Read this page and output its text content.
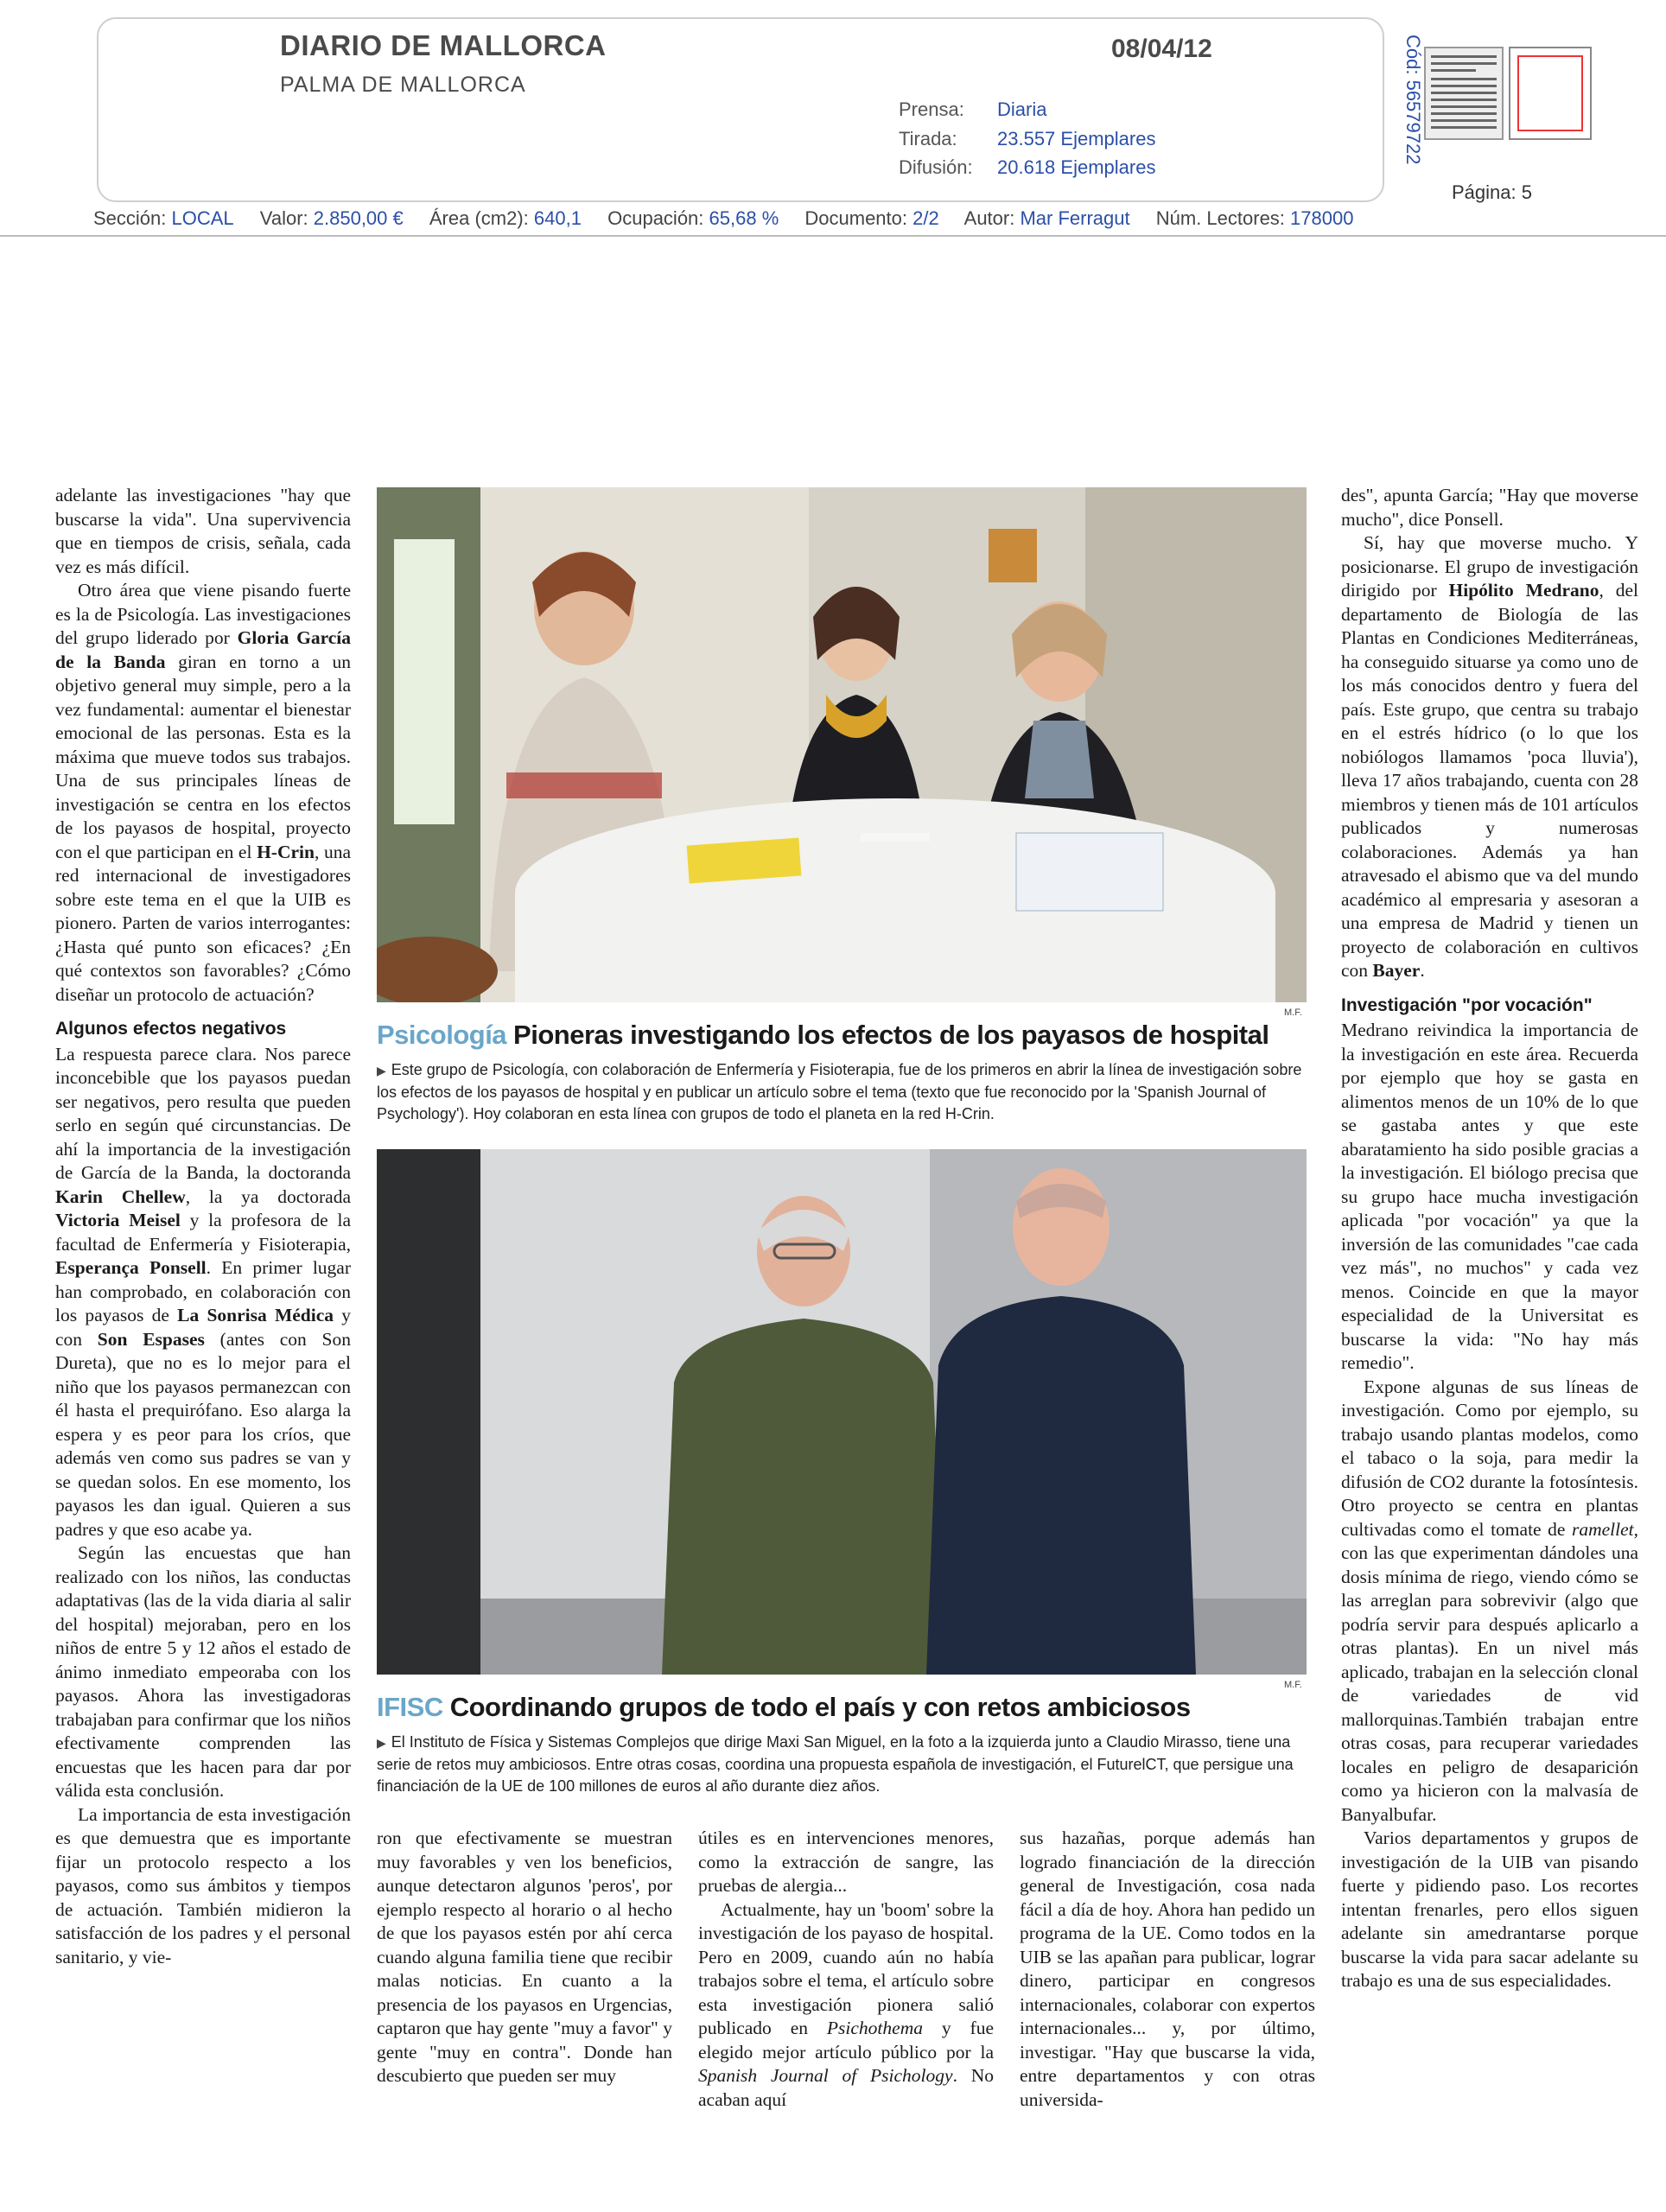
DIARIO DE MALLORCA
PALMA DE MALLORCA
08/04/12
Prensa: Diaria
Tirada: 23.557 Ejemplares
Difusión: 20.618 Ejemplares
Cód: 56579722
Página: 5
Sección: LOCAL Valor: 2.850,00 € Área (cm2): 640,1 Ocupación: 65,68 % Documento: 2/2 Autor: Mar Ferragut Núm. Lectores: 178000

adelante las investigaciones "hay que buscarse la vida". Una supervivencia que en tiempos de crisis, señala, cada vez es más difícil.

Otro área que viene pisando fuerte es la de Psicología. Las investigaciones del grupo liderado por Gloria García de la Banda giran en torno a un objetivo general muy simple, pero a la vez fundamental: aumentar el bienestar emocional de las personas. Esta es la máxima que mueve todos sus trabajos. Una de sus principales líneas de investigación se centra en los efectos de los payasos de hospital, proyecto con el que participan en el H-Crin, una red internacional de investigadores sobre este tema en el que la UIB es pionero. Parten de varios interrogantes: ¿Hasta qué punto son eficaces? ¿En qué contextos son favorables? ¿Cómo diseñar un protocolo de actuación?

Algunos efectos negativos

La respuesta parece clara. Nos parece inconcebible que los payasos puedan ser negativos, pero resulta que pueden serlo en según qué circunstancias. De ahí la importancia de la investigación de García de la Banda, la doctoranda Karin Chellew, la ya doctorada Victoria Meisel y la profesora de la facultad de Enfermería y Fisioterapia, Esperança Ponsell. En primer lugar han comprobado, en colaboración con los payasos de La Sonrisa Médica y con Son Espases (antes con Son Dureta), que no es lo mejor para el niño que los payasos permanezcan con él hasta el prequirófano. Eso alarga la espera y es peor para los críos, que además ven como sus padres se van y se quedan solos. En ese momento, los payasos les dan igual. Quieren a sus padres y que eso acabe ya.

Según las encuestas que han realizado con los niños, las conductas adaptativas (las de la vida diaria al salir del hospital) mejoraban, pero en los niños de entre 5 y 12 años el estado de ánimo inmediato empeoraba con los payasos. Ahora las investigadoras trabajaban para confirmar que los niños efectivamente comprenden las encuestas que les hacen para dar por válida esta conclusión.

La importancia de esta investigación es que demuestra que es importante fijar un protocolo respecto a los payasos, como sus ámbitos y tiempos de actuación. También midieron la satisfacción de los padres y el personal sanitario, y vie-

M.F.
Psicología Pioneras investigando los efectos de los payasos de hospital
▶ Este grupo de Psicología, con colaboración de Enfermería y Fisioterapia, fue de los primeros en abrir la línea de investigación sobre los efectos de los payasos de hospital y en publicar un artículo sobre el tema (texto que fue reconocido por la 'Spanish Journal of Psychology'). Hoy colaboran en esta línea con grupos de todo el planeta en la red H-Crin.
M.F.
IFISC Coordinando grupos de todo el país y con retos ambiciosos
▶ El Instituto de Física y Sistemas Complejos que dirige Maxi San Miguel, en la foto a la izquierda junto a Claudio Mirasso, tiene una serie de retos muy ambiciosos. Entre otras cosas, coordina una propuesta española de investigación, el FuturelCT, que persigue una financiación de la UE de 100 millones de euros al año durante diez años.

ron que efectivamente se muestran muy favorables y ven los beneficios, aunque detectaron algunos 'peros', por ejemplo respecto al horario o al hecho de que los payasos estén por ahí cerca cuando alguna familia tiene que recibir malas noticias. En cuanto a la presencia de los payasos en Urgencias, captaron que hay gente "muy a favor" y gente "muy en contra". Donde han descubierto que pueden ser muy

útiles es en intervenciones menores, como la extracción de sangre, las pruebas de alergia...

Actualmente, hay un 'boom' sobre la investigación de los payaso de hospital. Pero en 2009, cuando aún no había trabajos sobre el tema, el artículo sobre esta investigación pionera salió publicado en Psichothema y fue elegido mejor artículo público por la Spanish Journal of Psichology. No acaban aquí

sus hazañas, porque además han logrado financiación de la dirección general de Investigación, cosa nada fácil a día de hoy. Ahora han pedido un programa de la UE. Como todos en la UIB se las apañan para publicar, lograr dinero, participar en congresos internacionales, colaborar con expertos internacionales... y, por último, investigar. "Hay que buscarse la vida, entre departamentos y con otras universida-

des", apunta García; "Hay que moverse mucho", dice Ponsell.

Sí, hay que moverse mucho. Y posicionarse. El grupo de investigación dirigido por Hipólito Medrano, del departamento de Biología de las Plantas en Condiciones Mediterráneas, ha conseguido situarse ya como uno de los más conocidos dentro y fuera del país. Este grupo, que centra su trabajo en el estrés hídrico (o lo que los nobiólogos llamamos 'poca lluvia'), lleva 17 años trabajando, cuenta con 28 miembros y tienen más de 101 artículos publicados y numerosas colaboraciones. Además ya han atravesado el abismo que va del mundo académico al empresaria y asesoran a una empresa de Madrid y tienen un proyecto de colaboración en cultivos con Bayer.

Investigación "por vocación"

Medrano reivindica la importancia de la investigación en este área. Recuerda por ejemplo que hoy se gasta en alimentos menos de un 10% de lo que se gastaba antes y que este abaratamiento ha sido posible gracias a la investigación. El biólogo precisa que su grupo hace mucha investigación aplicada "por vocación" ya que la inversión de las comunidades "cae cada vez más", no muchos" y cada vez menos. Coincide en que la mayor especialidad de la Universitat es buscarse la vida: "No hay más remedio".

Expone algunas de sus líneas de investigación. Como por ejemplo, su trabajo usando plantas modelos, como el tabaco o la soja, para medir la difusión de CO2 durante la fotosíntesis. Otro proyecto se centra en plantas cultivadas como el tomate de ramellet, con las que experimentan dándoles una dosis mínima de riego, viendo cómo se las arreglan para sobrevivir (algo que podría servir para después aplicarlo a otras plantas). En un nivel más aplicado, trabajan en la selección clonal de variedades de vid mallorquinas.También trabajan entre otras cosas, para recuperar variedades locales en peligro de desaparición como ya hicieron con la malvasía de Banyalbufar.

Varios departamentos y grupos de investigación de la UIB van pisando fuerte y pidiendo paso. Los recortes intentan frenarles, pero ellos siguen adelante sin amedrantarse porque buscarse la vida para sacar adelante su trabajo es una de sus especialidades.
